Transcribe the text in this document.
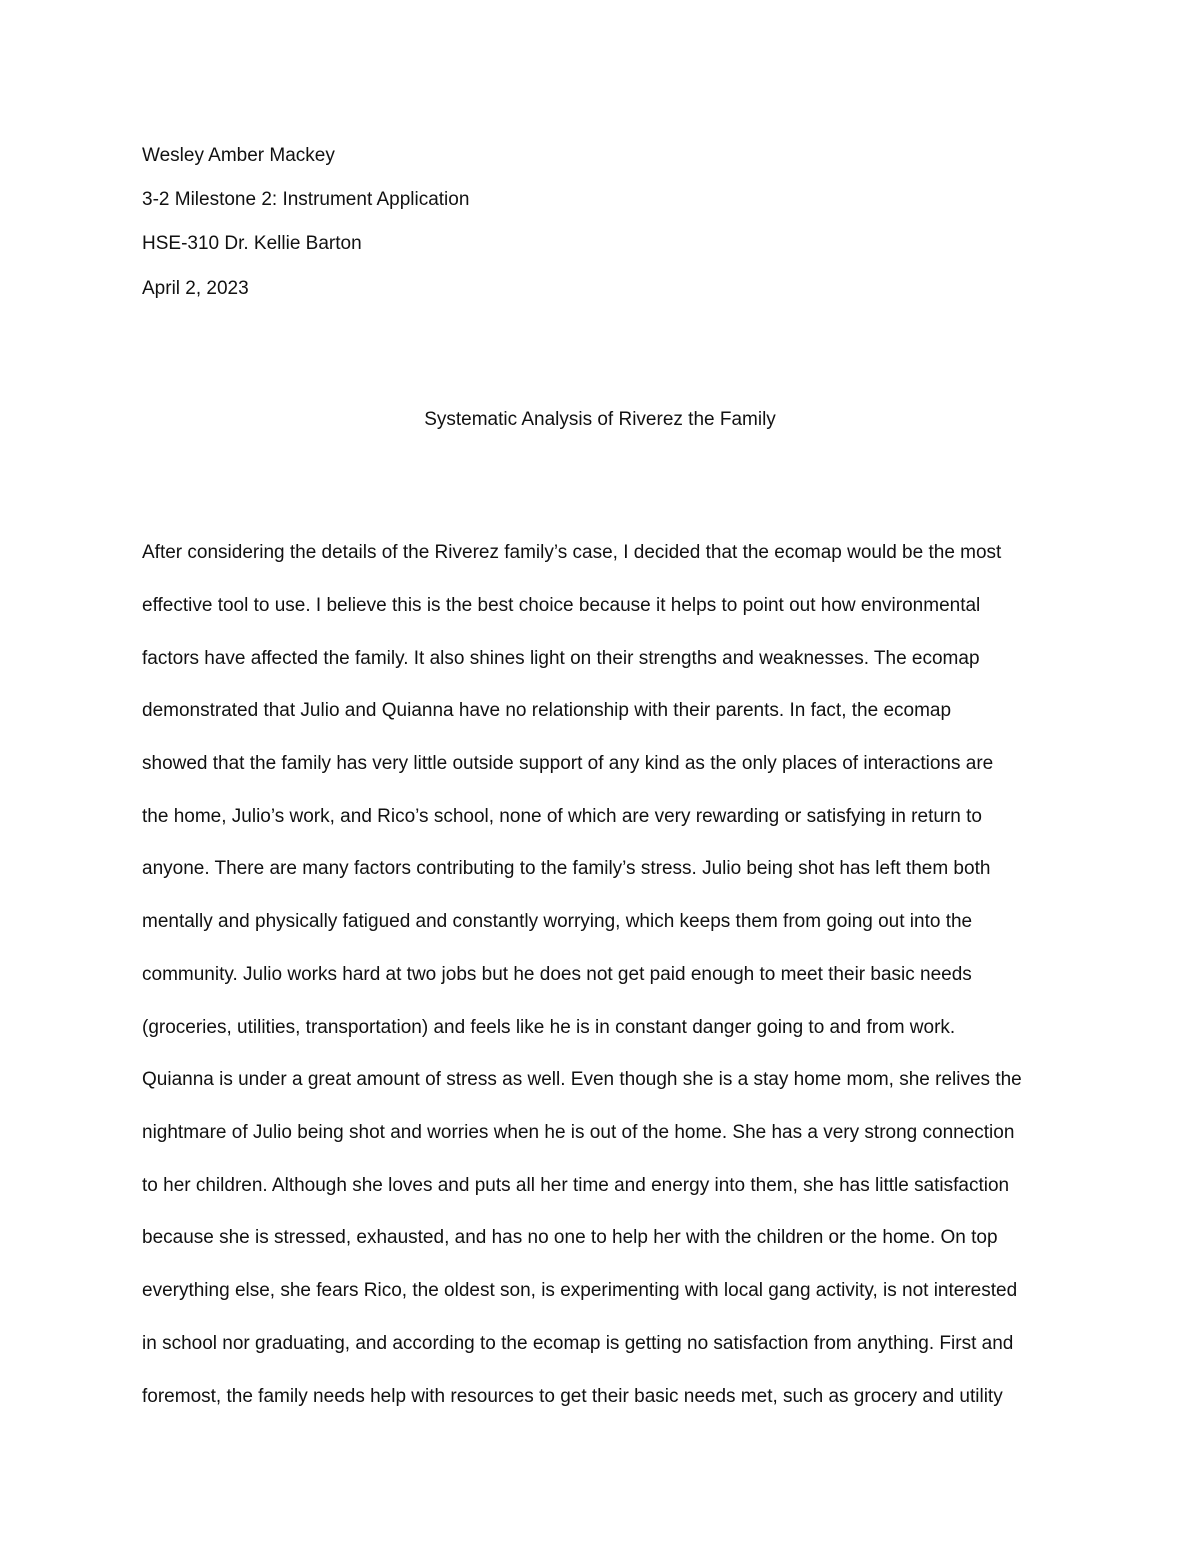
Wesley Amber Mackey
3-2 Milestone 2: Instrument Application
HSE-310 Dr. Kellie Barton
April 2, 2023
Systematic Analysis of Riverez the Family
After considering the details of the Riverez family’s case, I decided that the ecomap would be the most
effective tool to use. I believe this is the best choice because it helps to point out how environmental
factors have affected the family. It also shines light on their strengths and weaknesses. The ecomap
demonstrated that Julio and Quianna have no relationship with their parents. In fact, the ecomap
showed that the family has very little outside support of any kind as the only places of interactions are
the home, Julio’s work, and Rico’s school, none of which are very rewarding or satisfying in return to
anyone. There are many factors contributing to the family’s stress. Julio being shot has left them both
mentally and physically fatigued and constantly worrying, which keeps them from going out into the
community. Julio works hard at two jobs but he does not get paid enough to meet their basic needs
(groceries, utilities, transportation) and feels like he is in constant danger going to and from work.
Quianna is under a great amount of stress as well. Even though she is a stay home mom, she relives the
nightmare of Julio being shot and worries when he is out of the home. She has a very strong connection
to her children. Although she loves and puts all her time and energy into them, she has little satisfaction
because she is stressed, exhausted, and has no one to help her with the children or the home. On top
everything else, she fears Rico, the oldest son, is experimenting with local gang activity, is not interested
in school nor graduating, and according to the ecomap is getting no satisfaction from anything. First and
foremost, the family needs help with resources to get their basic needs met, such as grocery and utility
